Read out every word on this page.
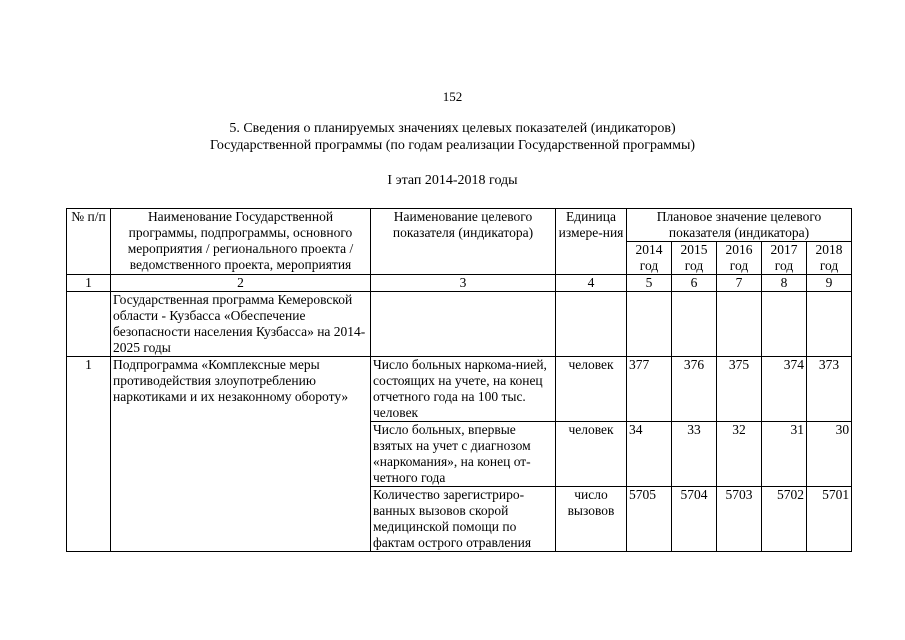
152
5. Сведения о планируемых значениях целевых показателей (индикаторов)
Государственной программы (по годам реализации Государственной программы)
I этап 2014-2018 годы
№ п/п	Наименование Государственной программы, подпрограммы, основного мероприятия / регионального проекта / ведомственного проекта, мероприятия	Наименование целевого показателя (индикатора)	Единица измере-ния	Плановое значение целевого показателя (индикатора)				
				2014 год	2015 год	2016 год	2017 год	2018 год
1	2	3	4	5	6	7	8	9
	Государственная программа Кемеровской области - Кузбасса «Обеспечение безопасности населения Кузбасса» на 2014-2025 годы							
1	Подпрограмма «Комплексные меры противодействия злоупотреблению наркотиками и их незаконному обороту»	Число больных наркома-нией, состоящих на учете, на конец отчетного года на 100 тыс. человек	человек	377	376	375	374	373
		Число больных, впервые взятых на учет с диагнозом «наркомания», на конец от-четного года	человек	34	33	32	31	30
		Количество зарегистриро-ванных вызовов скорой медицинской помощи по фактам острого отравления	число вызовов	5705	5704	5703	5702	5701
